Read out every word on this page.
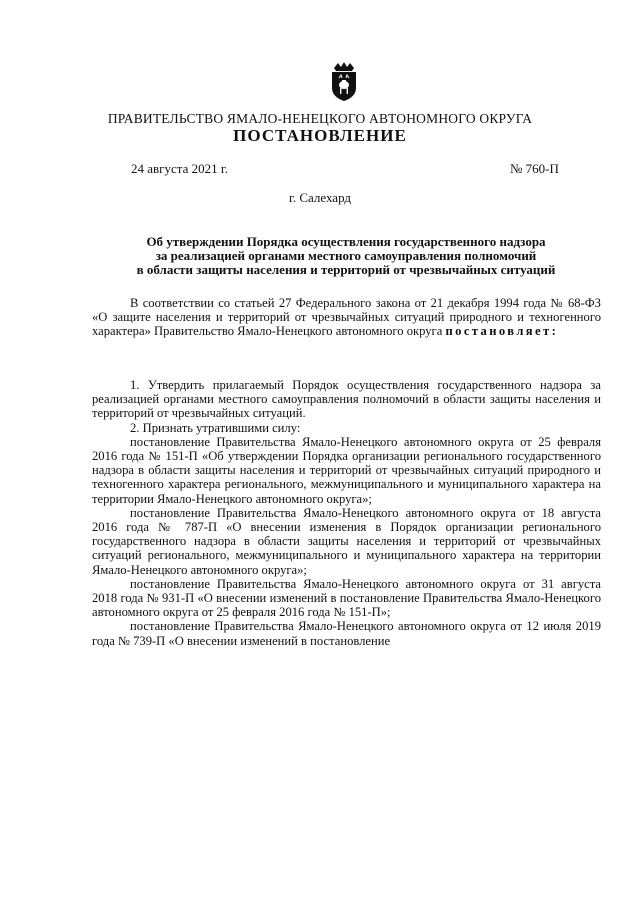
ПРАВИТЕЛЬСТВО ЯМАЛО-НЕНЕЦКОГО АВТОНОМНОГО ОКРУГА
ПОСТАНОВЛЕНИЕ
24 августа 2021 г.	№ 760-П
г. Салехард
Об утверждении Порядка осуществления государственного надзора
за реализацией органами местного самоуправления полномочий
в области защиты населения и территорий от чрезвычайных ситуаций

В соответствии со статьей 27 Федерального закона от 21 декабря 1994 года № 68-ФЗ «О защите населения и территорий от чрезвычайных ситуаций природного и техногенного характера» Правительство Ямало-Ненецкого автономного округа постановляет:

1. Утвердить прилагаемый Порядок осуществления государственного надзора за реализацией органами местного самоуправления полномочий в области защиты населения и территорий от чрезвычайных ситуаций.

2. Признать утратившими силу:

постановление Правительства Ямало-Ненецкого автономного округа от 25 февраля 2016 года № 151-П «Об утверждении Порядка организации регионального государственного надзора в области защиты населения и территорий от чрезвычайных ситуаций природного и техногенного характера регионального, межмуниципального и муниципального характера на территории Ямало-Ненецкого автономного округа»;

постановление Правительства Ямало-Ненецкого автономного округа от 18 августа 2016 года № 787-П «О внесении изменения в Порядок организации регионального государственного надзора в области защиты населения и территорий от чрезвычайных ситуаций регионального, межмуниципального и муниципального характера на территории Ямало-Ненецкого автономного округа»;

постановление Правительства Ямало-Ненецкого автономного округа от 31 августа 2018 года № 931-П «О внесении изменений в постановление Правительства Ямало-Ненецкого автономного округа от 25 февраля 2016 года № 151-П»;

постановление Правительства Ямало-Ненецкого автономного округа от 12 июля 2019 года № 739-П «О внесении изменений в постановление
